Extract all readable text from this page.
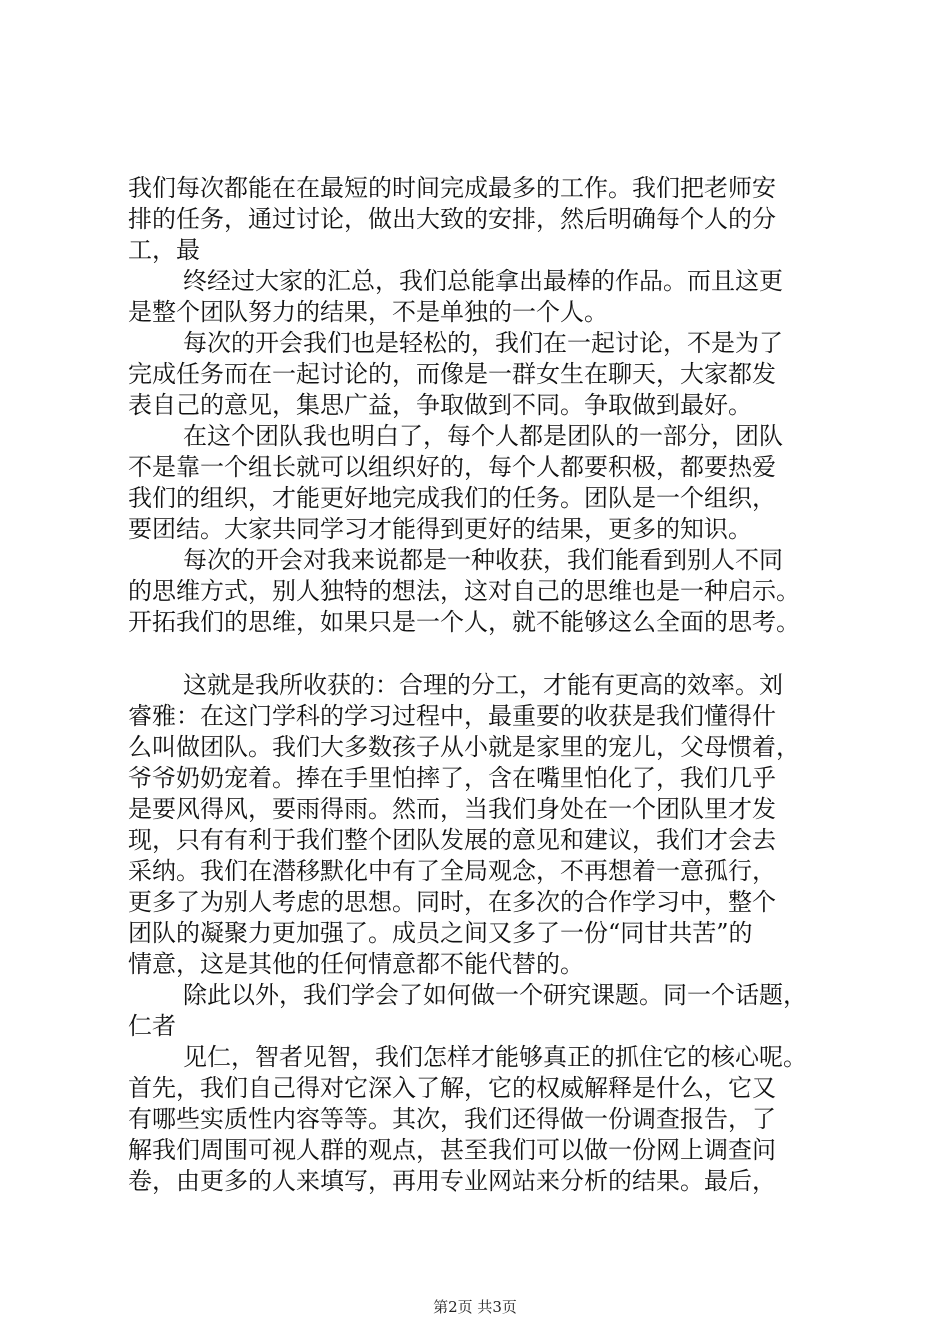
我们每次都能在在最短的时间完成最多的工作。我们把老师安
排的任务，通过讨论，做出大致的安排，然后明确每个人的分
工，最
终经过大家的汇总，我们总能拿出最棒的作品。而且这更
是整个团队努力的结果，不是单独的一个人。
每次的开会我们也是轻松的，我们在一起讨论，不是为了
完成任务而在一起讨论的，而像是一群女生在聊天，大家都发
表自己的意见，集思广益，争取做到不同。争取做到最好。
在这个团队我也明白了，每个人都是团队的一部分，团队
不是靠一个组长就可以组织好的，每个人都要积极，都要热爱
我们的组织，才能更好地完成我们的任务。团队是一个组织，
要团结。大家共同学习才能得到更好的结果，更多的知识。
每次的开会对我来说都是一种收获，我们能看到别人不同
的思维方式，别人独特的想法，这对自己的思维也是一种启示。
开拓我们的思维，如果只是一个人，就不能够这么全面的思考。
这就是我所收获的：合理的分工，才能有更高的效率。刘
睿雅：在这门学科的学习过程中，最重要的收获是我们懂得什
么叫做团队。我们大多数孩子从小就是家里的宠儿，父母惯着，
爷爷奶奶宠着。捧在手里怕摔了，含在嘴里怕化了，我们几乎
是要风得风，要雨得雨。然而，当我们身处在一个团队里才发
现，只有有利于我们整个团队发展的意见和建议，我们才会去
采纳。我们在潜移默化中有了全局观念，不再想着一意孤行，
更多了为别人考虑的思想。同时，在多次的合作学习中，整个
团队的凝聚力更加强了。成员之间又多了一份“同甘共苦”的
情意，这是其他的任何情意都不能代替的。
除此以外，我们学会了如何做一个研究课题。同一个话题，
仁者
见仁，智者见智，我们怎样才能够真正的抓住它的核心呢。
首先，我们自己得对它深入了解，它的权威解释是什么，它又
有哪些实质性内容等等。其次，我们还得做一份调查报告，了
解我们周围可视人群的观点，甚至我们可以做一份网上调查问
卷，由更多的人来填写，再用专业网站来分析的结果。最后，
第2页 共3页
